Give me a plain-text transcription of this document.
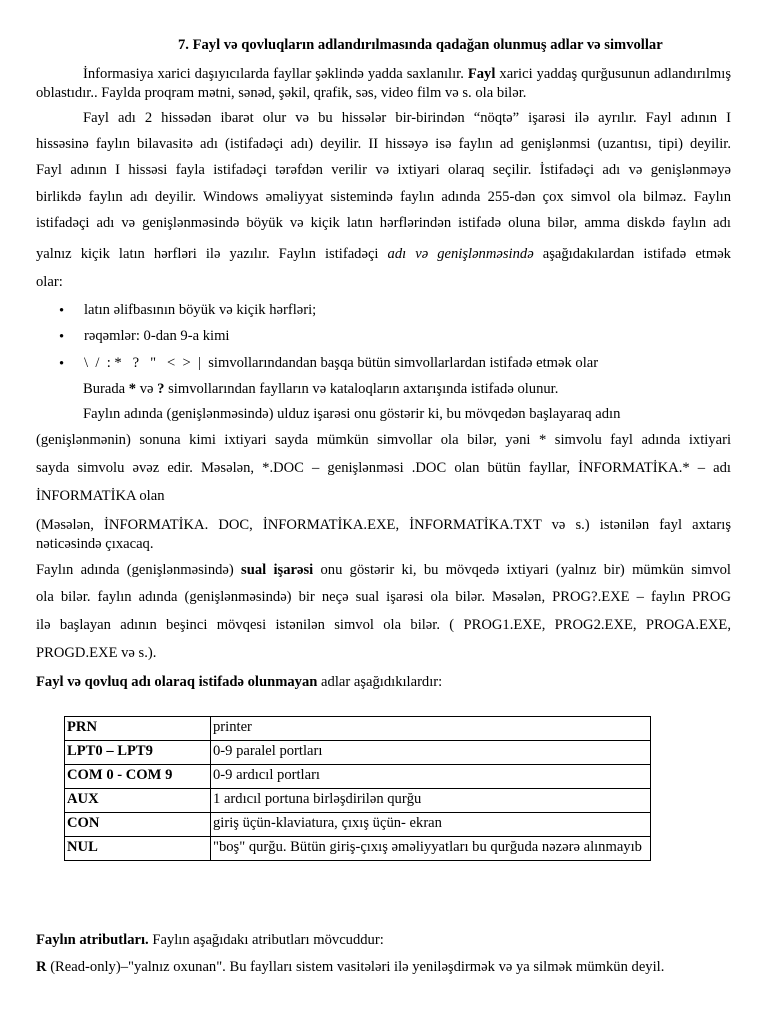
7. Fayl və qovluqların adlandırılmasında qadağan olunmuş adlar və simvollar
İnformasiya xarici daşıyıcılarda fayllar şəklində yadda saxlanılır. Fayl xarici yaddaş qurğusunun adlandırılmış oblastıdır.. Faylda proqram mətni, sənəd, şəkil, qrafik, səs, video film və s. ola bilər.
Fayl adı 2 hissədən ibarət olur və bu hissələr bir-birindən “nöqtə” işarəsi ilə ayrılır. Fayl adının I
hissəsinə faylın bilavasitə adı (istifadəçi adı) deyilir. II hissəyə isə faylın ad genişlənmsi (uzantısı, tipi) deyilir.
Fayl adının I hissəsi fayla istifadəçi tərəfdən verilir və ixtiyari olaraq seçilir. İstifadəçi adı və genişlənməyə
birlikdə faylın adı deyilir. Windows əməliyyat sistemində faylın adında 255-dən çox simvol ola bilməz. Faylın
istifadəçi adı və genişlənməsində böyük və kiçik latın hərflərindən istifadə oluna bilər, amma diskdə faylın adı
yalnız kiçik latın hərfləri ilə yazılır. Faylın istifadəçi adı və genişlənməsində aşağıdakılardan istifadə etmək
olar:
• latın əlifbasının böyük və kiçik hərfləri;
• rəqəmlər: 0-dan 9-a kimi
• \  /  : *   ?   "   <  >  |  simvollarındandan başqa bütün simvollarlardan istifadə etmək olar
Burada * və ? simvollarından faylların və kataloqların axtarışında istifadə olunur.
Faylın adında (genişlənməsində) ulduz işarəsi onu göstərir ki, bu mövqedən başlayaraq adın
(genişlənmənin) sonuna kimi ixtiyari sayda mümkün simvollar ola bilər, yəni * simvolu fayl adında ixtiyari
sayda simvolu əvəz edir. Məsələn, *.DOC – genişlənməsi .DOC olan bütün fayllar, İNFORMATİKA.* – adı
İNFORMATİKA olan
(Məsələn, İNFORMATİKA. DOC, İNFORMATİKA.EXE, İNFORMATİKA.TXT və s.) istənilən fayl axtarış
nəticəsində çıxacaq.
Faylın adında (genişlənməsində) sual işarəsi onu göstərir ki, bu mövqedə ixtiyari (yalnız bir) mümkün simvol
ola bilər. faylın adında (genişlənməsində) bir neçə sual işarəsi ola bilər. Məsələn, PROG?.EXE – faylın PROG
ilə başlayan adının beşinci mövqesi istənilən simvol ola bilər. ( PROG1.EXE, PROG2.EXE, PROGA.EXE,
PROGD.EXE və s.).
Fayl və qovluq adı olaraq istifadə olunmayan adlar aşağıdıkılardır:
PRN	printer
LPT0 – LPT9	0-9 paralel portları
COM 0 - COM 9	0-9 ardıcıl portları
AUX	1 ardıcıl portuna birləşdirilən qurğu
CON	giriş üçün-klaviatura, çıxış üçün- ekran
NUL	"boş" qurğu. Bütün giriş-çıxış əməliyyatları bu qurğuda nəzərə alınmayıb
Faylın atributları. Faylın aşağıdakı atributları mövcuddur:
R (Read-only)–"yalnız oxunan". Bu faylları sistem vasitələri ilə yeniləşdirmək və ya silmək mümkün deyil.
